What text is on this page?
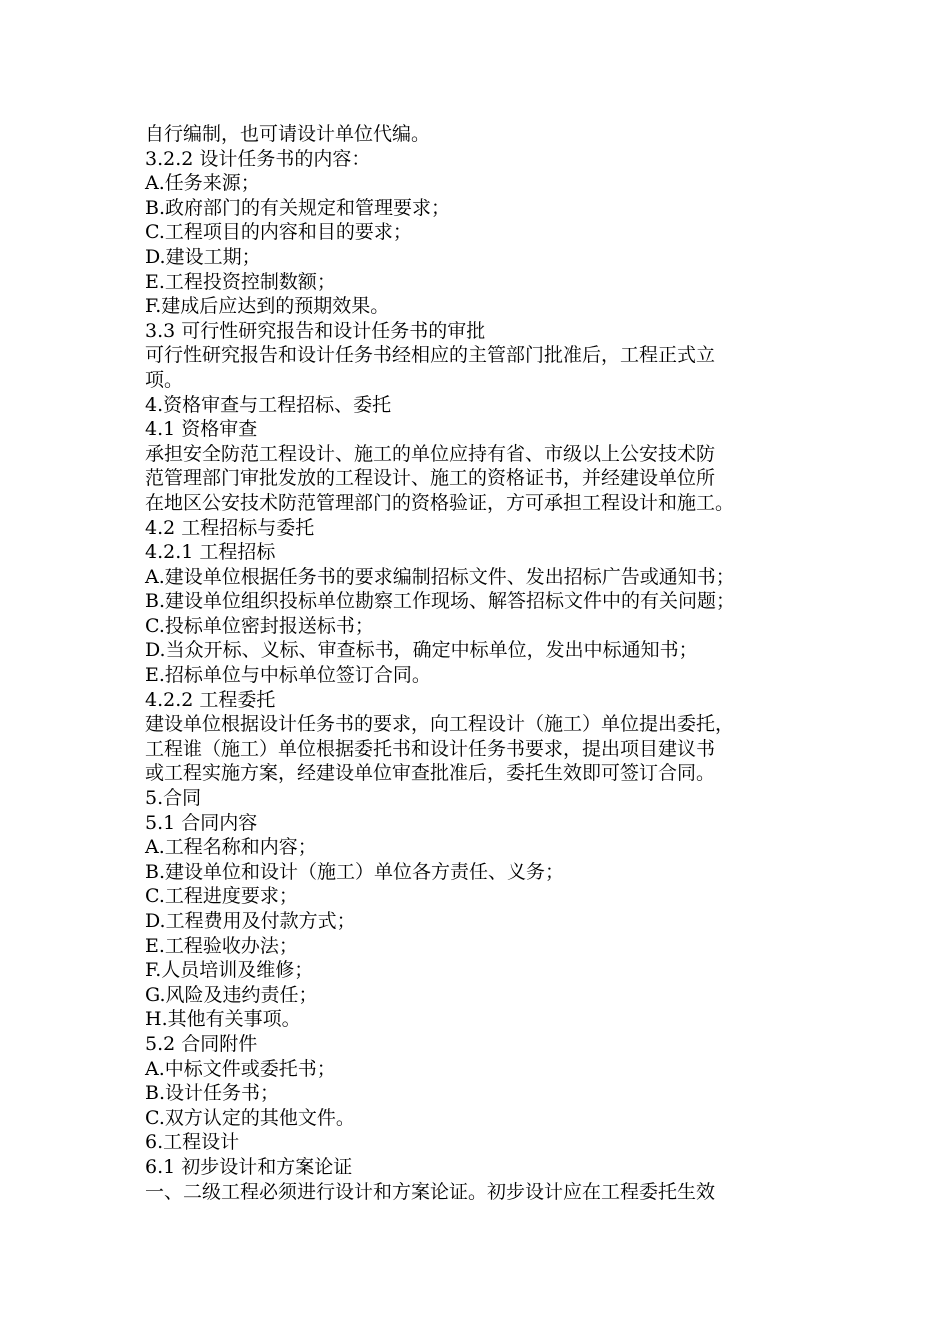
自行编制，也可请设计单位代编。
3.2.2 设计任务书的内容：
A.任务来源；
B.政府部门的有关规定和管理要求；
C.工程项目的内容和目的要求；
D.建设工期；
E.工程投资控制数额；
F.建成后应达到的预期效果。
3.3 可行性研究报告和设计任务书的审批
可行性研究报告和设计任务书经相应的主管部门批准后，工程正式立
项。
4.资格审查与工程招标、委托
4.1 资格审查
承担安全防范工程设计、施工的单位应持有省、市级以上公安技术防
范管理部门审批发放的工程设计、施工的资格证书，并经建设单位所
在地区公安技术防范管理部门的资格验证，方可承担工程设计和施工。
4.2 工程招标与委托
4.2.1 工程招标
A.建设单位根据任务书的要求编制招标文件、发出招标广告或通知书；
B.建设单位组织投标单位勘察工作现场、解答招标文件中的有关问题；
C.投标单位密封报送标书；
D.当众开标、义标、审查标书，确定中标单位，发出中标通知书；
E.招标单位与中标单位签订合同。
4.2.2 工程委托
建设单位根据设计任务书的要求，向工程设计（施工）单位提出委托，
工程谁（施工）单位根据委托书和设计任务书要求，提出项目建议书
或工程实施方案，经建设单位审查批准后，委托生效即可签订合同。
5.合同
5.1 合同内容
A.工程名称和内容；
B.建设单位和设计（施工）单位各方责任、义务；
C.工程进度要求；
D.工程费用及付款方式；
E.工程验收办法；
F.人员培训及维修；
G.风险及违约责任；
H.其他有关事项。
5.2 合同附件
A.中标文件或委托书；
B.设计任务书；
C.双方认定的其他文件。
6.工程设计
6.1 初步设计和方案论证
一、二级工程必须进行设计和方案论证。初步设计应在工程委托生效
